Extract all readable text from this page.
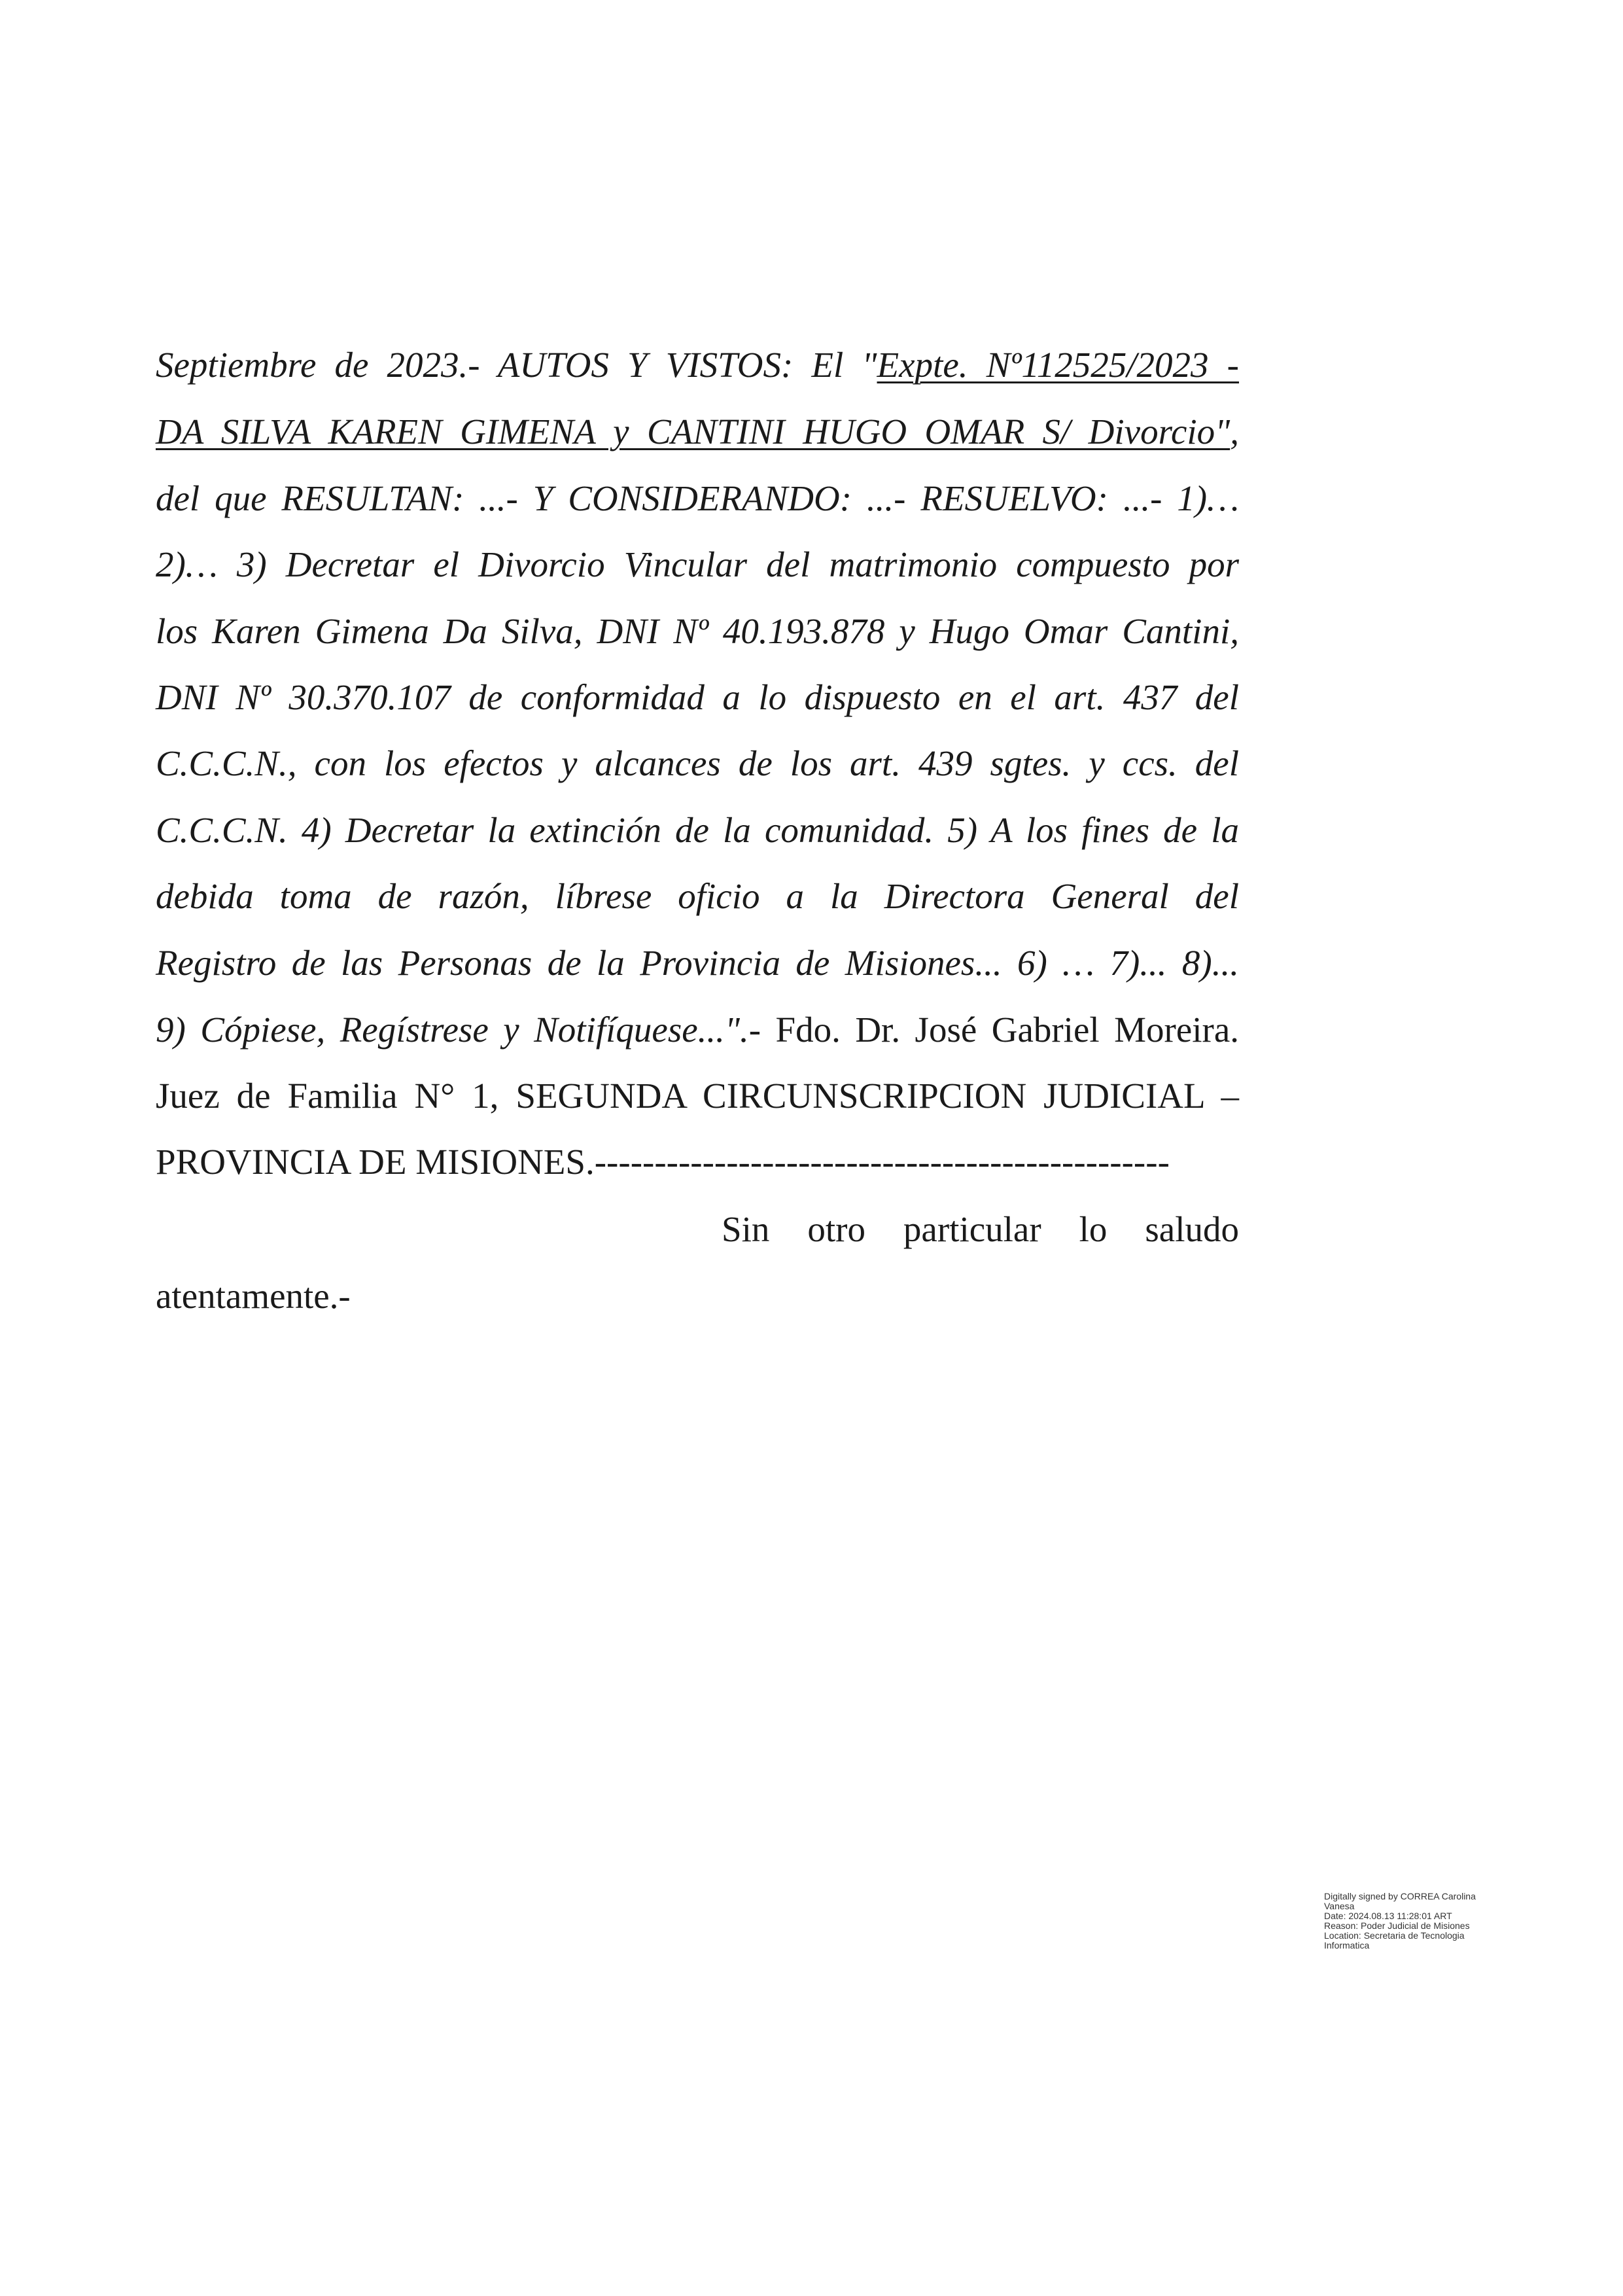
Septiembre de 2023.- AUTOS Y VISTOS: El "Expte. Nº112525/2023 -
DA SILVA KAREN GIMENA y CANTINI HUGO OMAR S/ Divorcio",
del que RESULTAN: ...- Y CONSIDERANDO: ...- RESUELVO: ...- 1)…
2)… 3) Decretar el Divorcio Vincular del matrimonio compuesto por
los Karen Gimena Da Silva, DNI Nº 40.193.878 y Hugo Omar Cantini,
DNI Nº 30.370.107 de conformidad a lo dispuesto en el art. 437 del
C.C.C.N., con los efectos y alcances de los art. 439 sgtes. y ccs. del
C.C.C.N. 4) Decretar la extinción de la comunidad. 5) A los fines de la
debida toma de razón, líbrese oficio a la Directora General del
Registro de las Personas de la Provincia de Misiones... 6) … 7)... 8)...
9) Cópiese, Regístrese y Notifíquese...".- Fdo. Dr. José Gabriel Moreira.
Juez de Familia N° 1, SEGUNDA CIRCUNSCRIPCION JUDICIAL –
PROVINCIA DE MISIONES.------------------------------------------------
Sin otro particular lo saludo
atentamente.-
Digitally signed by CORREA Carolina
Vanesa
Date: 2024.08.13 11:28:01 ART
Reason: Poder Judicial de Misiones
Location: Secretaria de Tecnologia
Informatica
